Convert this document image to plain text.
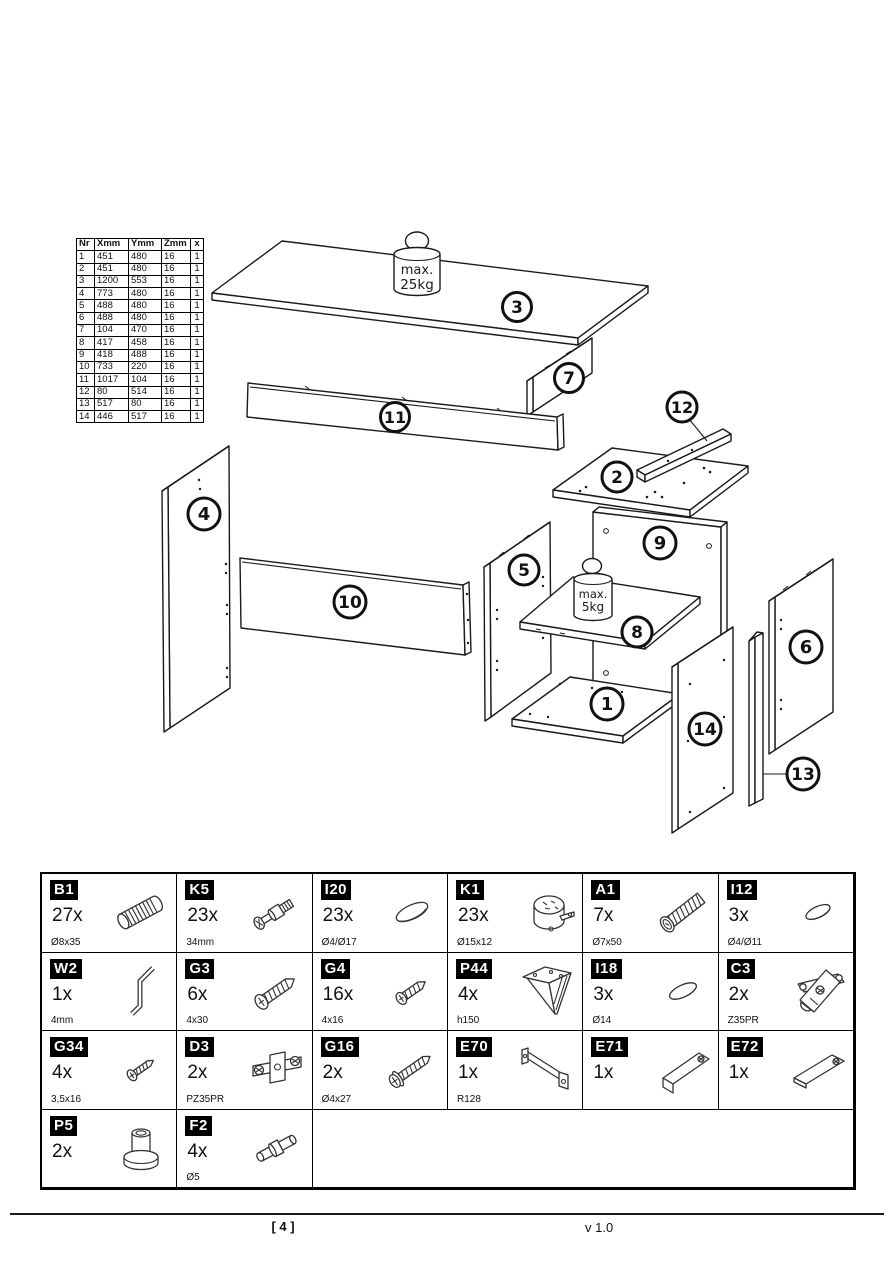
Nr	Xmm	Ymm	Zmm	x
1	451	480	16	1
2	451	480	16	1
3	1200	553	16	1
4	773	480	16	1
5	488	480	16	1
6	488	480	16	1
7	104	470	16	1
8	417	458	16	1
9	418	488	16	1
10	733	220	16	1
11	1017	104	16	1
12	80	514	16	1
13	517	80	16	1
14	446	517	16	1
max.
25kg
max.
5kg
3
7
11
12
2
9
4
5
10
8
1
14
6
13
B1
27x
Ø8x35
K5
23x
34mm
I20
23x
Ø4/Ø17
K1
23x
Ø15x12
A1
7x
Ø7x50
I12
3x
Ø4/Ø11
W2
1x
4mm
G3
6x
4x30
G4
16x
4x16
P44
4x
h150
I18
3x
Ø14
C3
2x
Z35PR
G34
4x
3,5x16
D3
2x
PZ35PR
G16
2x
Ø4x27
E70
1x
R128
E71
1x
E72
1x
P5
2x
F2
4x
Ø5
[ 4 ]	v 1.0
